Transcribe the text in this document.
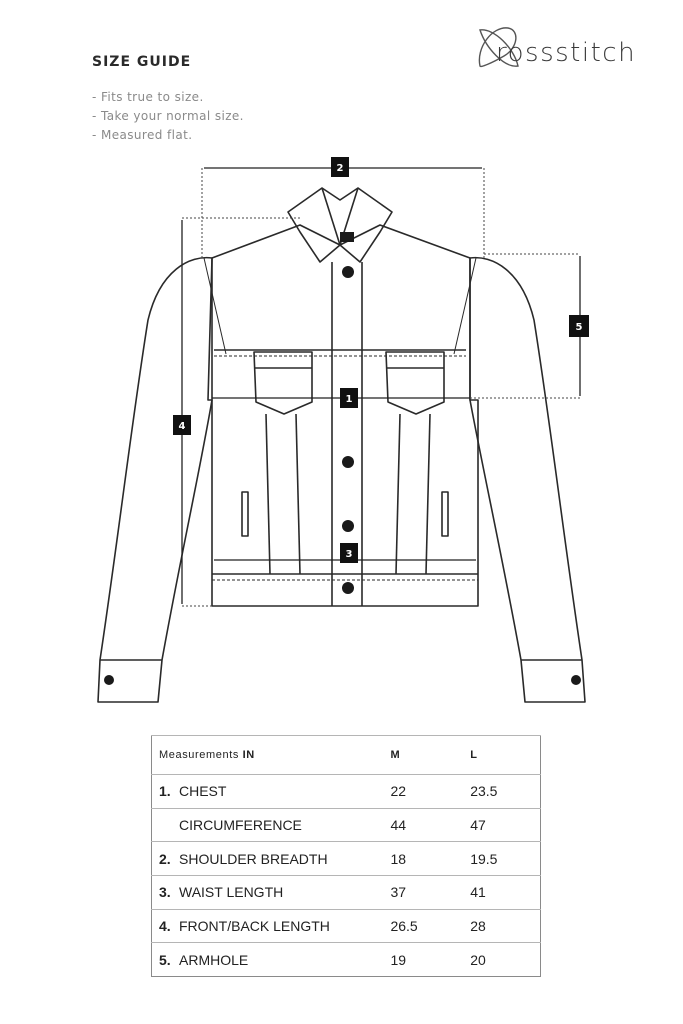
SIZE GUIDE
- Fits true to size.
- Take your normal size.
- Measured flat.
rossstitch
2
1
3
4
5
Measurements IN	M	L
1. CHEST	22	23.5
CIRCUMFERENCE	44	47
2. SHOULDER BREADTH	18	19.5
3. WAIST LENGTH	37	41
4. FRONT/BACK LENGTH	26.5	28
5. ARMHOLE	19	20
